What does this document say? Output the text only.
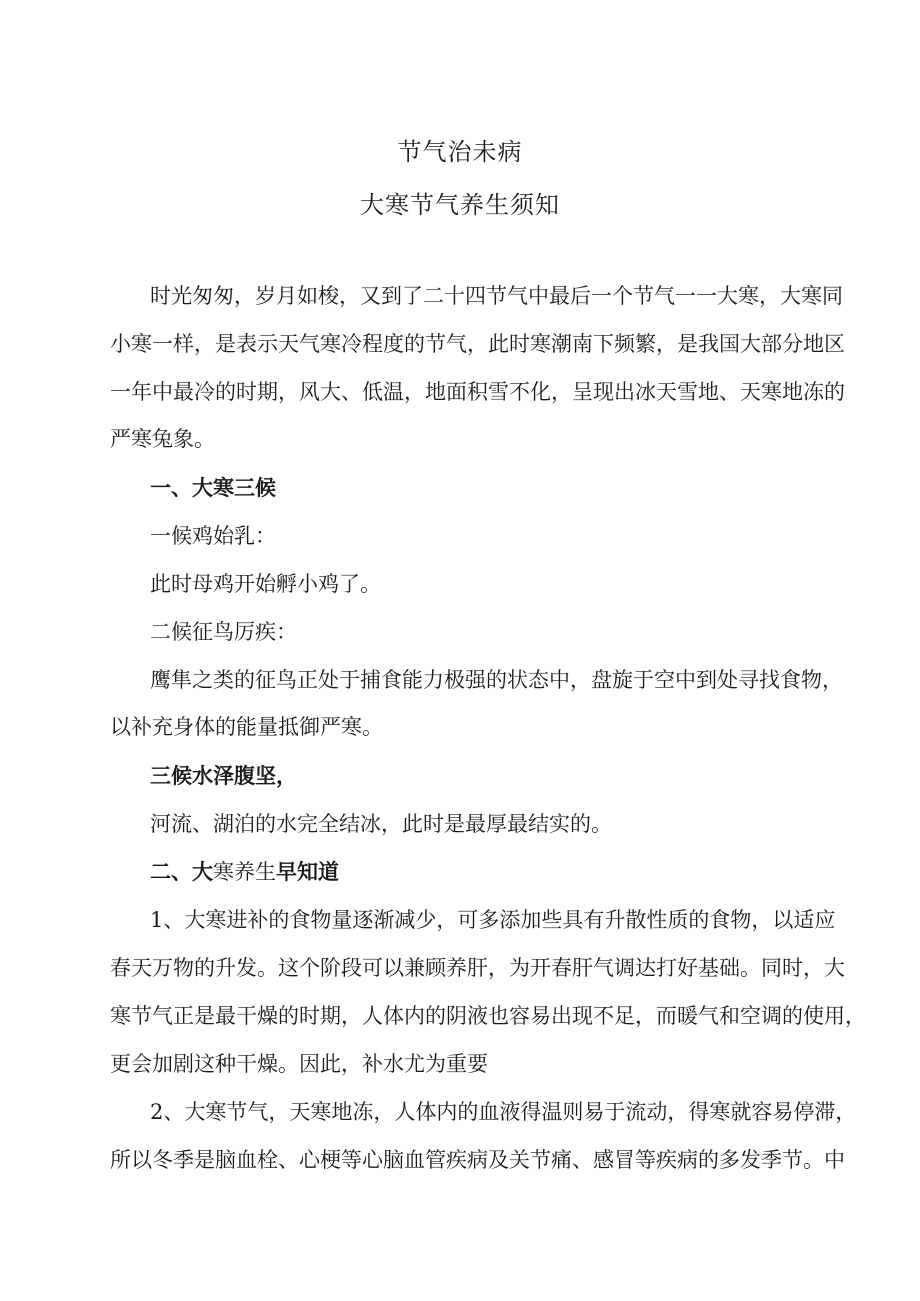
节气治未病
大寒节气养生须知
时光匆匆，岁月如梭，又到了二十四节气中最后一个节气一一大寒，大寒同
小寒一样，是表示天气寒冷程度的节气，此时寒潮南下频繁，是我国大部分地区
一年中最冷的时期，风大、低温，地面积雪不化，呈现出冰天雪地、天寒地冻的
严寒兔象。
一、大寒三候
一候鸡始乳：
此时母鸡开始孵小鸡了。
二候征鸟厉疾：
鹰隼之类的征鸟正处于捕食能力极强的状态中，盘旋于空中到处寻找食物，
以补充身体的能量抵御严寒。
三候水泽腹坚，
河流、湖泊的水完全结冰，此时是最厚最结实的。
二、大寒养生早知道
1、大寒进补的食物量逐渐减少，可多添加些具有升散性质的食物，以适应
春天万物的升发。这个阶段可以兼顾养肝，为开春肝气调达打好基础。同时，大
寒节气正是最干燥的时期，人体内的阴液也容易出现不足，而暖气和空调的使用，
更会加剧这种干燥。因此，补水尤为重要
2、大寒节气，天寒地冻，人体内的血液得温则易于流动，得寒就容易停滞，
所以冬季是脑血栓、心梗等心脑血管疾病及关节痛、感冒等疾病的多发季节。中
